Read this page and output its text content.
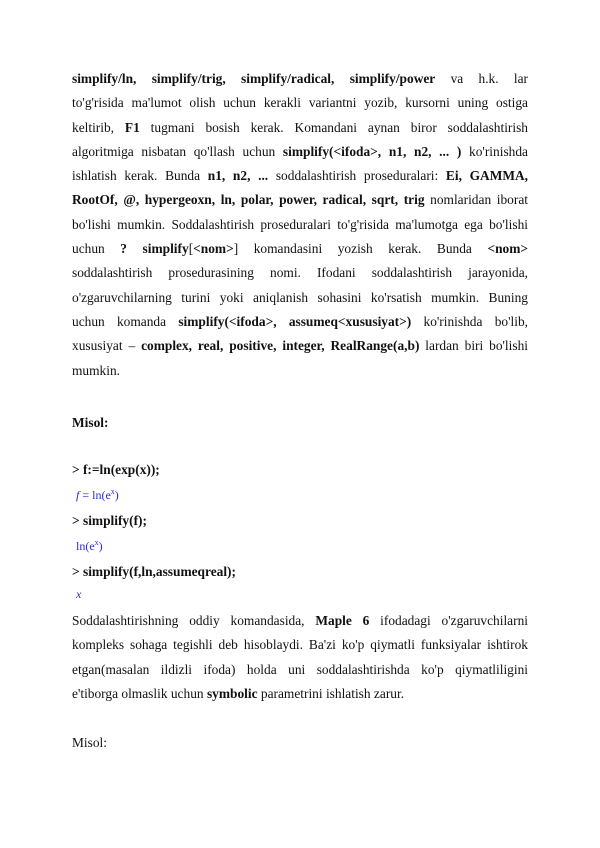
simplify/ln, simplify/trig, simplify/radical, simplify/power va h.k. lar
to'g'risida ma'lumot olish uchun kerakli variantni yozib, kursorni uning ostiga
keltirib, F1 tugmani bosish kerak. Komandani aynan biror soddalashtirish
algoritmiga nisbatan qo'llash uchun simplify(<ifoda>, n1, n2, ... ) ko'rinishda
ishlatish kerak. Bunda n1, n2, ... soddalashtirish proseduralari: Ei, GAMMA,
RootOf, @, hypergeoxn, ln, polar, power, radical, sqrt, trig nomlaridan iborat
bo'lishi mumkin. Soddalashtirish proseduralari to'g'risida ma'lumotga ega bo'lishi
uchun ? simplify[<nom>] komandasini yozish kerak. Bunda <nom>
soddalashtirish prosedurasining nomi. Ifodani soddalashtirish jarayonida,
o'zgaruvchilarning turini yoki aniqlanish sohasini ko'rsatish mumkin. Buning
uchun komanda simplify(<ifoda>, assumeq<xususiyat>) ko'rinishda bo'lib,
xususiyat – complex, real, positive, integer, RealRange(a,b) lardan biri bo'lishi
mumkin.
Misol:
> f:=ln(exp(x));
$f = \ln(e^x)$
> simplify(f);
$\ln(e^x)$
> simplify(f,ln,assumeqreal);
x
Soddalashtirishning oddiy komandasida, Maple 6 ifodadagi o'zgaruvchilarni
kompleks sohaga tegishli deb hisoblaydi. Ba'zi ko'p qiymatli funksiyalar ishtirok
etgan(masalan ildizli ifoda) holda uni soddalashtirishda ko'p qiymatliligini
e'tiborga olmaslik uchun symbolic parametrini ishlatish zarur.
Misol:
